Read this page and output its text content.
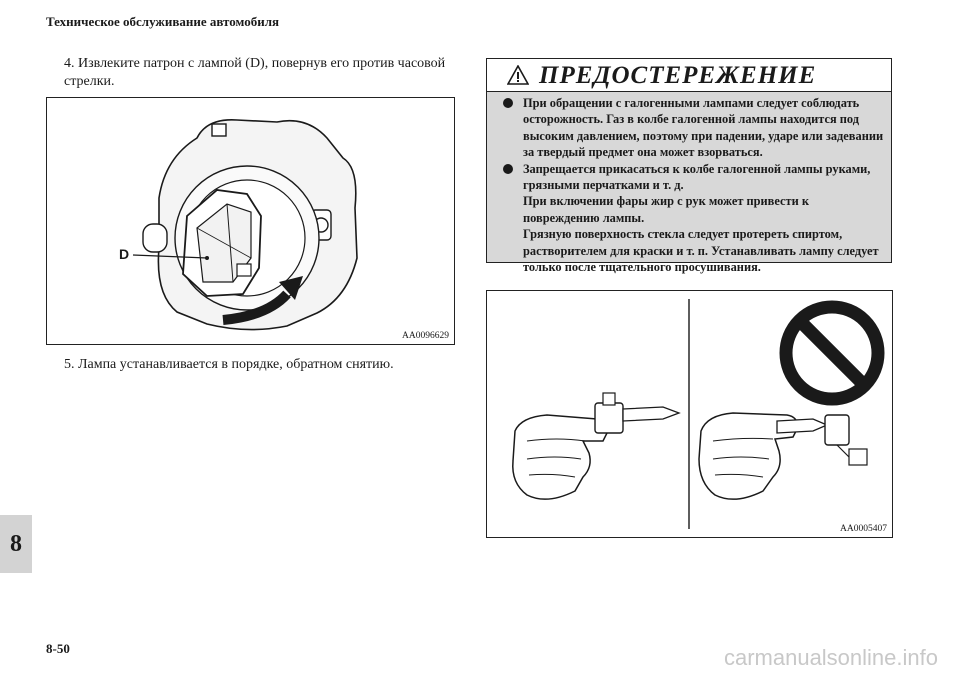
Техническое обслуживание автомобиля
4. Извлеките патрон с лампой (D), повернув его против часовой стрелки.
D
AA0096629
5. Лампа устанавливается в порядке, обратном снятию.
ПРЕДОСТЕРЕЖЕНИЕ
При обращении с галогенными лампами следует соблюдать осторожность. Газ в колбе галогенной лампы находится под высоким давлением, поэтому при падении, ударе или задевании за твердый предмет она может взорваться.
Запрещается прикасаться к колбе галогенной лампы руками, грязными перчатками и т. д.
При включении фары жир с рук может привести к повреждению лампы.
Грязную поверхность стекла следует протереть спиртом, растворителем для краски и т. п. Устанавливать лампу следует только после тщательного просушивания.
AA0005407
8
8-50	carmanualsonline.info
